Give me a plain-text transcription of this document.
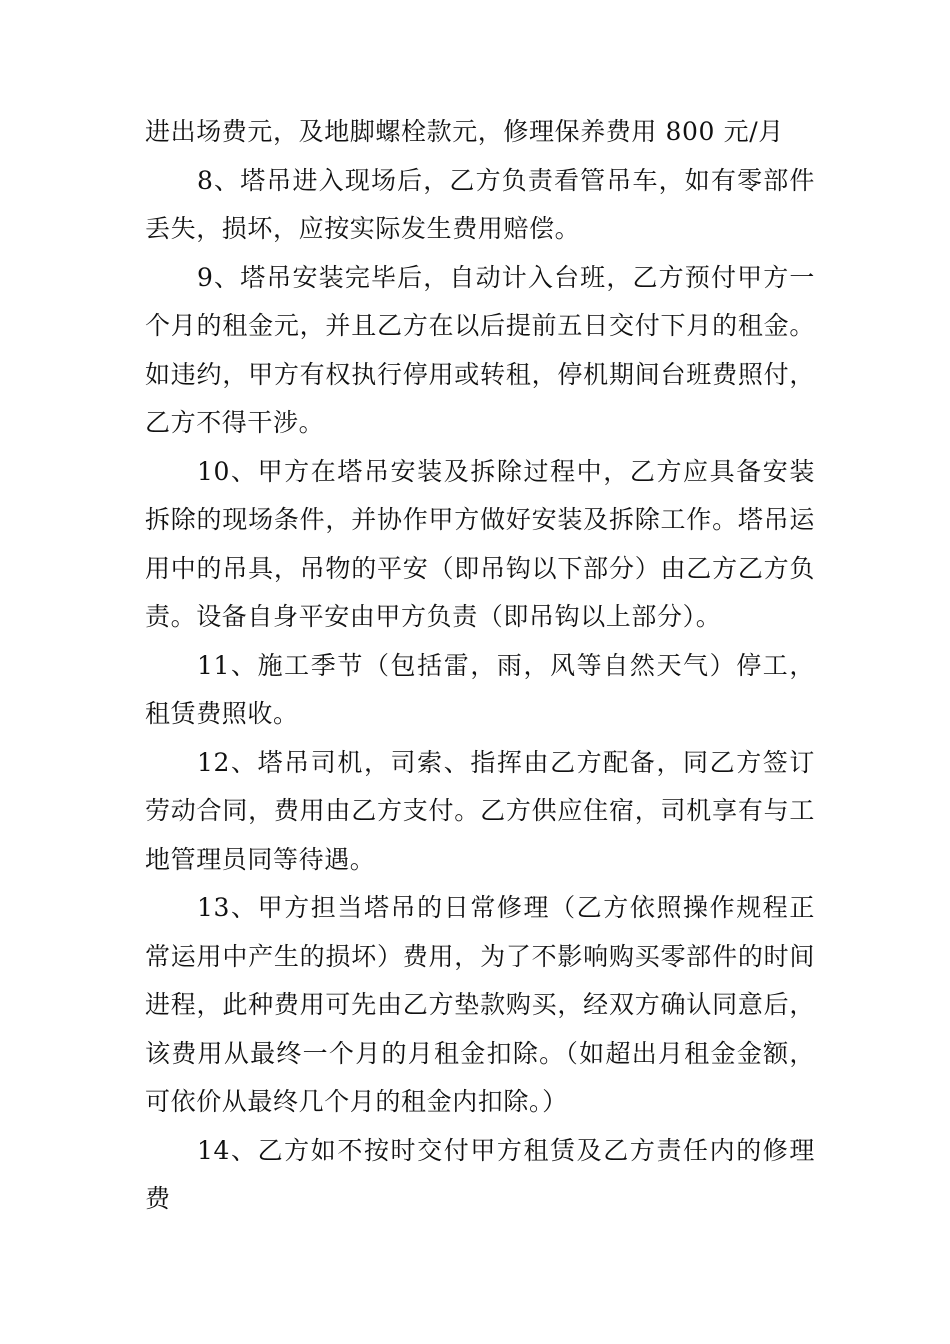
进出场费元，及地脚螺栓款元，修理保养费用 800 元/月

8、塔吊进入现场后，乙方负责看管吊车，如有零部件丢失，损坏，应按实际发生费用赔偿。

9、塔吊安装完毕后，自动计入台班，乙方预付甲方一个月的租金元，并且乙方在以后提前五日交付下月的租金。如违约，甲方有权执行停用或转租，停机期间台班费照付，乙方不得干涉。

10、甲方在塔吊安装及拆除过程中，乙方应具备安装拆除的现场条件，并协作甲方做好安装及拆除工作。塔吊运用中的吊具，吊物的平安（即吊钩以下部分）由乙方乙方负责。设备自身平安由甲方负责（即吊钩以上部分）。

11、施工季节（包括雷，雨，风等自然天气）停工，租赁费照收。

12、塔吊司机，司索、指挥由乙方配备，同乙方签订劳动合同，费用由乙方支付。乙方供应住宿，司机享有与工地管理员同等待遇。

13、甲方担当塔吊的日常修理（乙方依照操作规程正常运用中产生的损坏）费用，为了不影响购买零部件的时间进程，此种费用可先由乙方垫款购买，经双方确认同意后，该费用从最终一个月的月租金扣除。（如超出月租金金额，可依价从最终几个月的租金内扣除。）

14、乙方如不按时交付甲方租赁及乙方责任内的修理费
